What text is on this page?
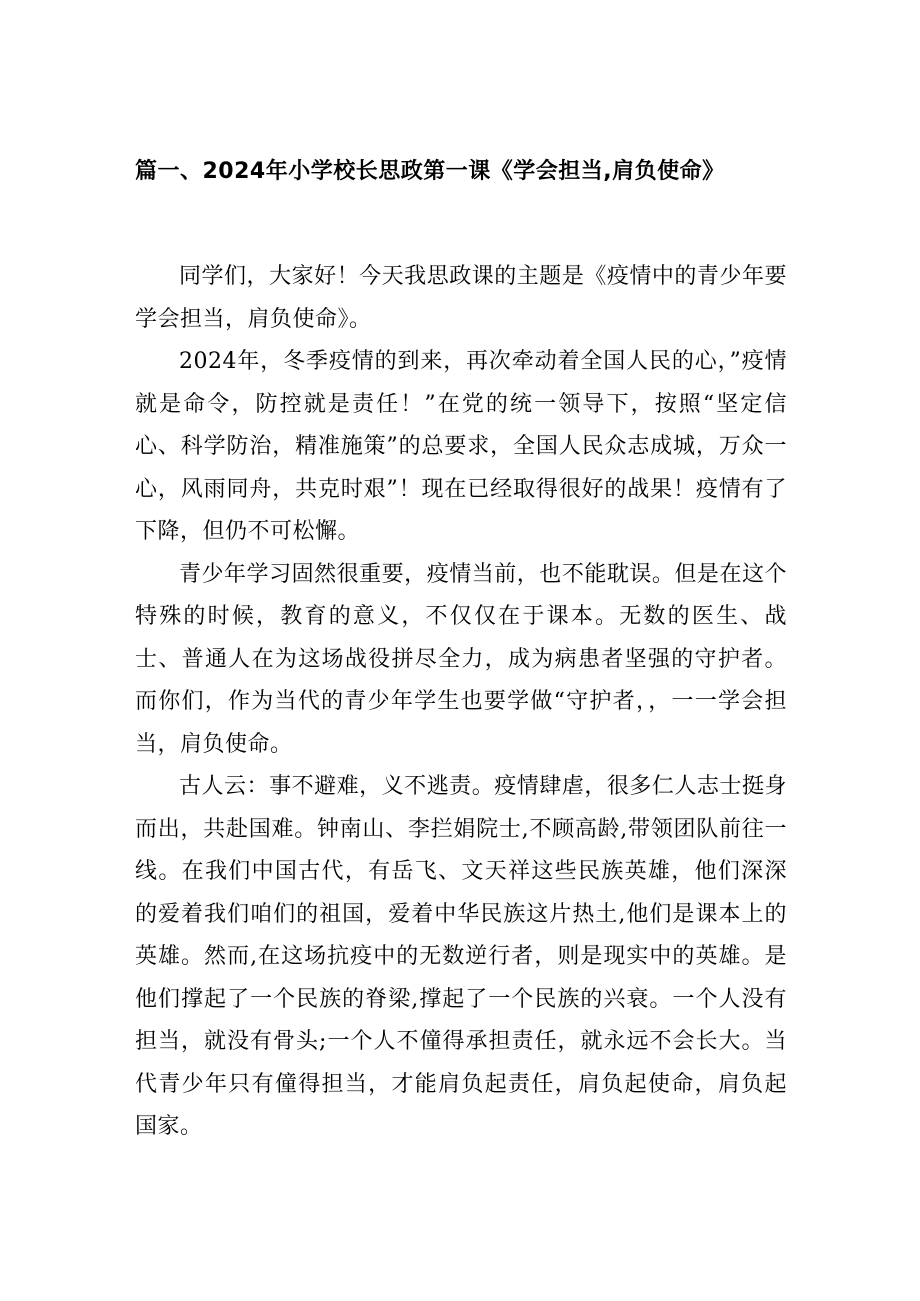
篇一、2024年小学校长思政第一课《学会担当,肩负使命》

同学们，大家好！今天我思政课的主题是《疫情中的青少年要学会担当，肩负使命》。

2024年，冬季疫情的到来，再次牵动着全国人民的心，”疫情就是命令，防控就是责任！”在党的统一领导下，按照“坚定信心、科学防治，精准施策”的总要求，全国人民众志成城，万众一心，风雨同舟，共克时艰”！现在已经取得很好的战果！疫情有了下降，但仍不可松懈。

青少年学习固然很重要，疫情当前，也不能耽误。但是在这个特殊的时候，教育的意义，不仅仅在于课本。无数的医生、战士、普通人在为这场战役拼尽全力，成为病患者坚强的守护者。而你们，作为当代的青少年学生也要学做“守护者，，一一学会担当，肩负使命。

古人云：事不避难，义不逃责。疫情肆虐，很多仁人志士挺身而出，共赴国难。钟南山、李拦娟院士,不顾高龄,带领团队前往一线。在我们中国古代，有岳飞、文天祥这些民族英雄，他们深深的爱着我们咱们的祖国，爱着中华民族这片热土,他们是课本上的英雄。然而,在这场抗疫中的无数逆行者，则是现实中的英雄。是他们撑起了一个民族的脊梁,撑起了一个民族的兴衰。一个人没有担当，就没有骨头;一个人不僮得承担责任，就永远不会长大。当代青少年只有僮得担当，才能肩负起责任，肩负起使命，肩负起国家。
